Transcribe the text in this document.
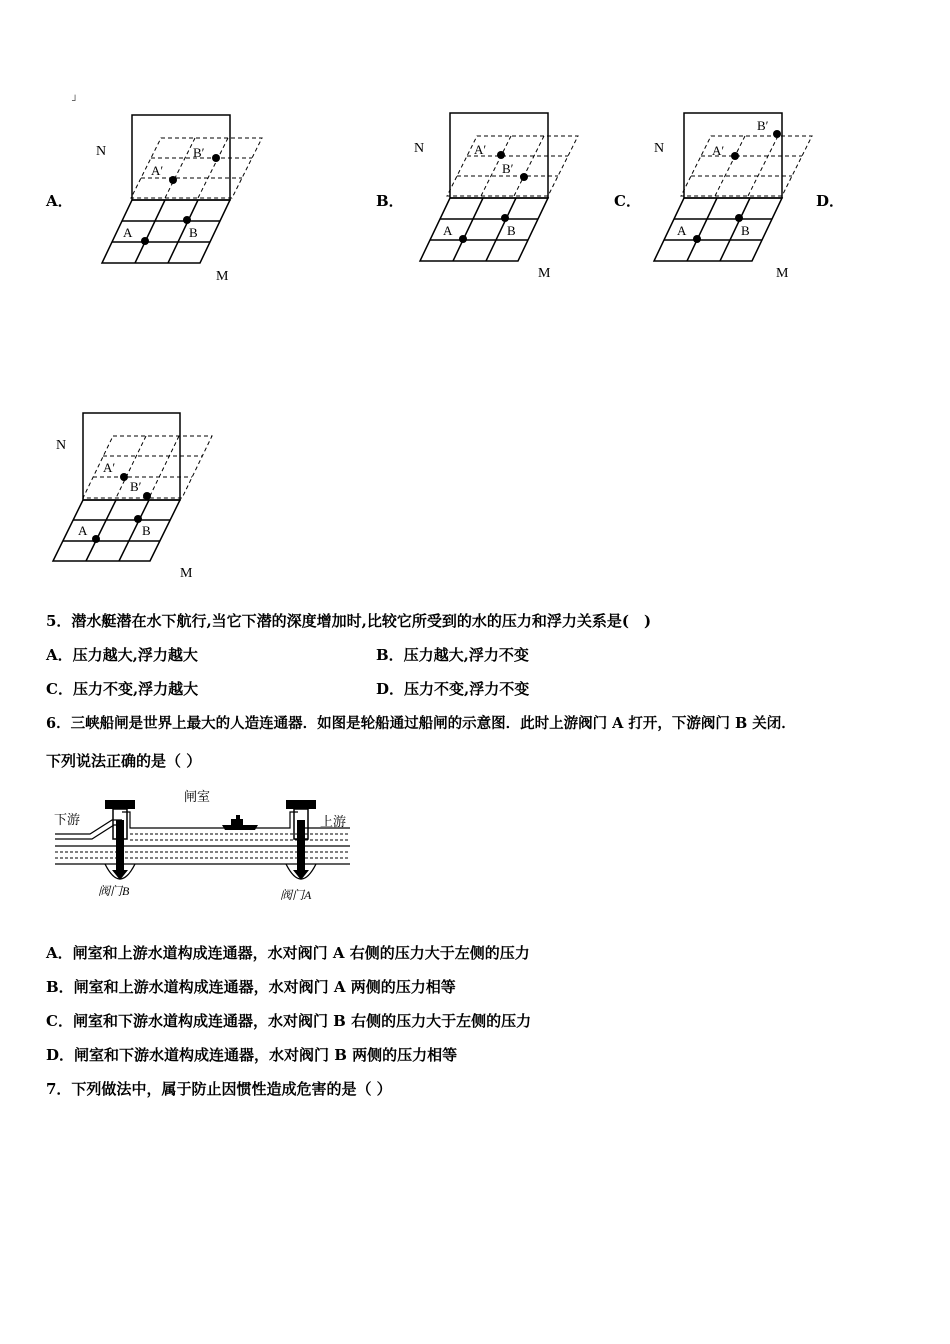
┘
A．	B．	C．	D．
N
M
A′
B′
A	B
N
M
A′
B′
A	B
N
M
A′
B′
A	B
N
M
A′
B′
A	B
5．潜水艇潜在水下航行,当它下潜的深度增加时,比较它所受到的水的压力和浮力关系是(　)
A．压力越大,浮力越大	B．压力越大,浮力不变
C．压力不变,浮力越大	D．压力不变,浮力不变
6．三峡船闸是世界上最大的人造连通器．如图是轮船通过船闸的示意图．此时上游阀门 A 打开，下游阀门 B 关闭．
下列说法正确的是（ ）
闸室
下游	上游
阀门B	阀门A
A．闸室和上游水道构成连通器，水对阀门 A 右侧的压力大于左侧的压力
B．闸室和上游水道构成连通器，水对阀门 A 两侧的压力相等
C．闸室和下游水道构成连通器，水对阀门 B 右侧的压力大于左侧的压力
D．闸室和下游水道构成连通器，水对阀门 B 两侧的压力相等
7．下列做法中，属于防止因惯性造成危害的是（ ）
